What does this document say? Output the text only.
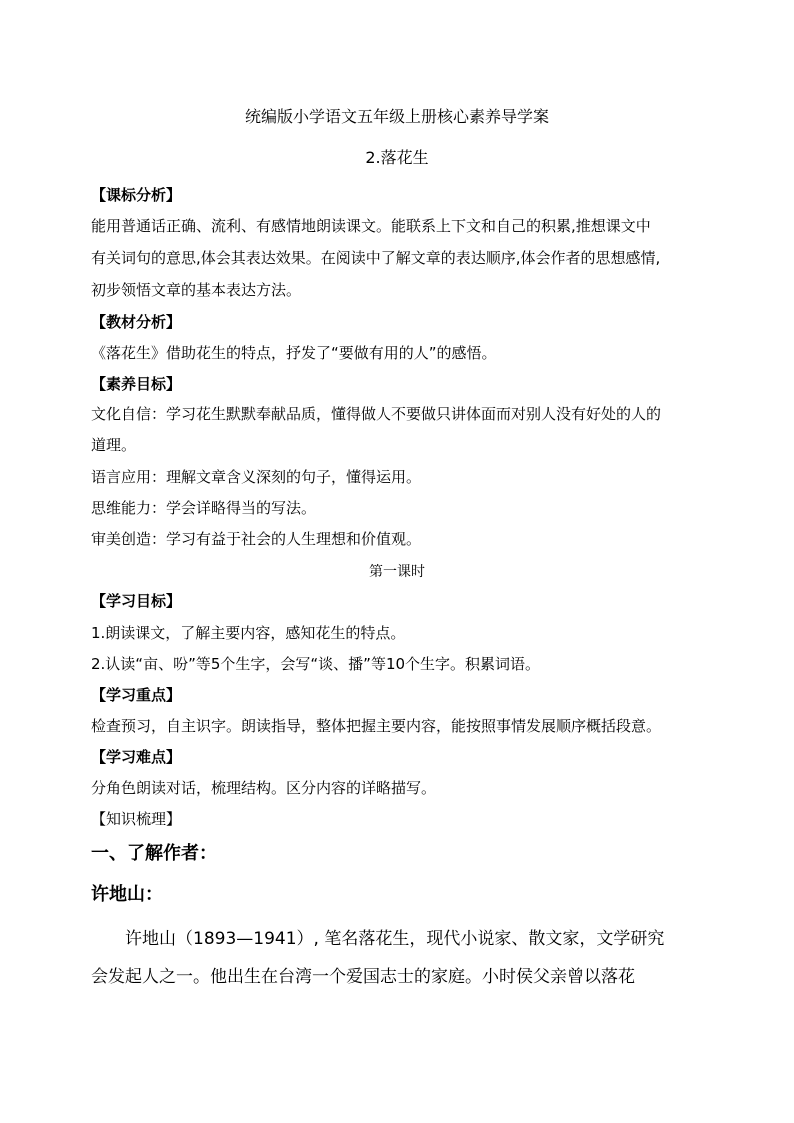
统编版小学语文五年级上册核心素养导学案
2.落花生
【课标分析】
能用普通话正确、流利、有感情地朗读课文。能联系上下文和自己的积累,推想课文中
有关词句的意思,体会其表达效果。在阅读中了解文章的表达顺序,体会作者的思想感情,
初步领悟文章的基本表达方法。
【教材分析】
《落花生》借助花生的特点，抒发了“要做有用的人”的感悟。
【素养目标】
文化自信：学习花生默默奉献品质，懂得做人不要做只讲体面而对别人没有好处的人的
道理。
语言应用：理解文章含义深刻的句子，懂得运用。
思维能力：学会详略得当的写法。
审美创造：学习有益于社会的人生理想和价值观。
第一课时
【学习目标】
1.朗读课文，了解主要内容，感知花生的特点。
2.认读“亩、吩”等5个生字，会写“谈、播”等10个生字。积累词语。
【学习重点】
检查预习，自主识字。朗读指导，整体把握主要内容，能按照事情发展顺序概括段意。
【学习难点】
分角色朗读对话，梳理结构。区分内容的详略描写。
【知识梳理】
一、了解作者：
许地山：
　　许地山（1893—1941）, 笔名落花生，现代小说家、散文家，文学研究
会发起人之一。他出生在台湾一个爱国志士的家庭。小时侯父亲曾以落花
